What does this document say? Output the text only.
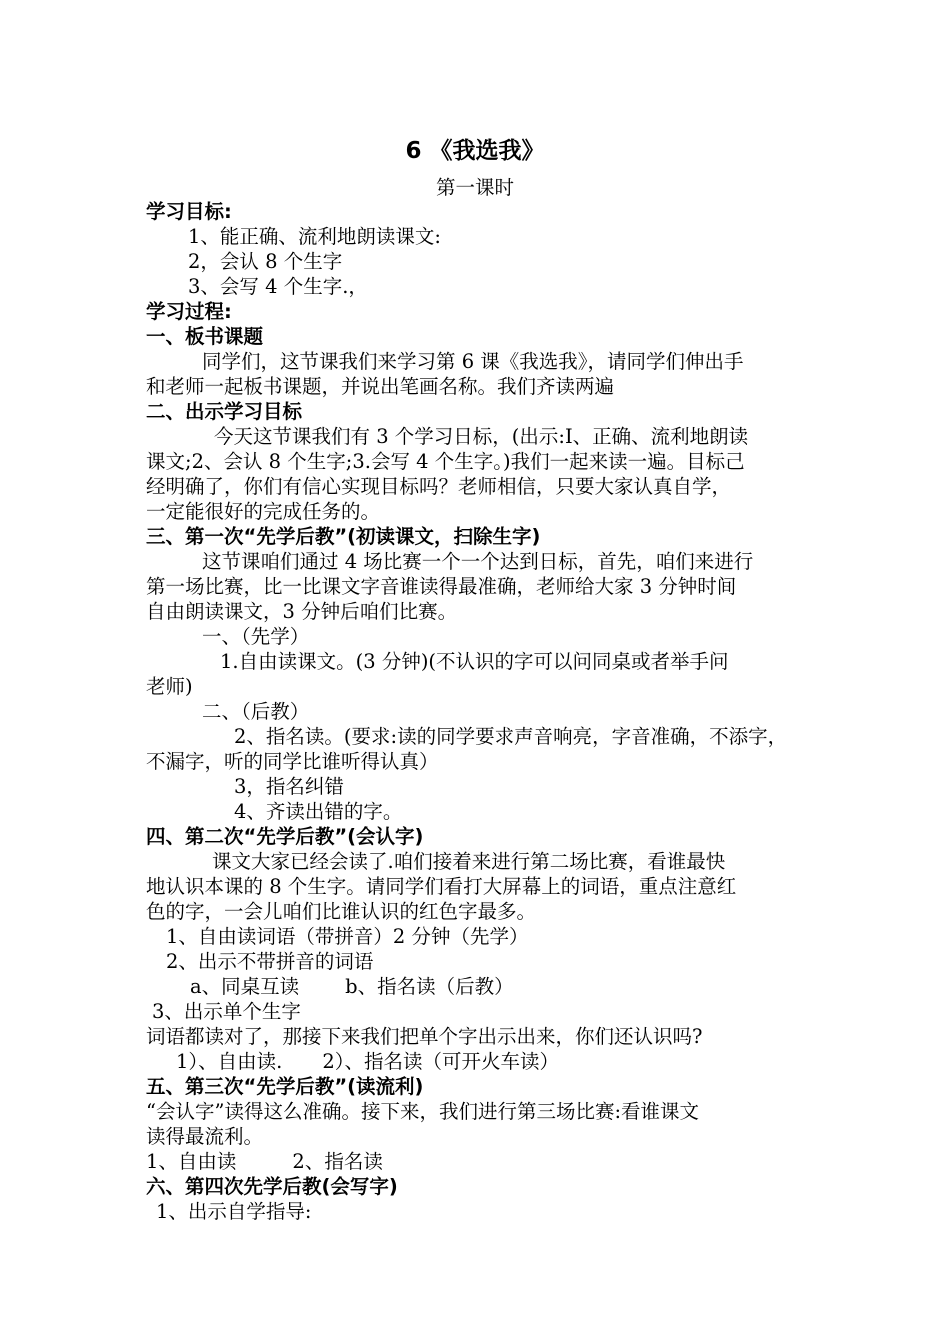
6 《我选我》
第一课时
学习目标:
1、能正确、流利地朗读课文:
2，会认 8 个生字
3、会写 4 个生字.，
学习过程:
一、板书课题
同学们，这节课我们来学习第 6 课《我选我》，请同学们伸出手
和老师一起板书课题，并说出笔画名称。我们齐读两遍
二、出示学习目标
今天这节课我们有 3 个学习日标，(出示:I、正确、流利地朗读
课文;2、会认 8 个生字;3.会写 4 个生字。)我们一起来读一遍。目标己
经明确了，你们有信心实现目标吗？老师相信，只要大家认真自学，
一定能很好的完成任务的。
三、第一次“先学后教”(初读课文，扫除生字)
这节课咱们通过 4 场比赛一个一个达到日标，首先，咱们来进行
第一场比赛，比一比课文字音谁读得最准确，老师给大家 3 分钟时间
自由朗读课文，3 分钟后咱们比赛。
一、（先学）
1.自由读课文。(3 分钟)(不认识的字可以问同桌或者举手问
老师)
二、（后教）
2、指名读。(要求:读的同学要求声音响亮，字音准确，不添字，
不漏字，听的同学比谁听得认真）
3，指名纠错
4、齐读出错的字。
四、第二次“先学后教”(会认字)
课文大家已经会读了.咱们接着来进行第二场比赛，看谁最快
地认识本课的 8 个生字。请同学们看打大屏幕上的词语，重点注意红
色的字，一会儿咱们比谁认识的红色字最多。
1、自由读词语（带拼音）2 分钟（先学）
2、出示不带拼音的词语
a、同桌互读 b、指名读（后教）
3、出示单个生字
词语都读对了，那接下来我们把单个字出示出来，你们还认识吗?
1）、自由读. 2）、指名读（可开火车读）
五、第三次“先学后教”(读流利)
“会认字”读得这么准确。接下来，我们进行第三场比赛:看谁课文
读得最流利。
1、自由读	2、指名读
六、第四次先学后教(会写字)
1、出示自学指导:
